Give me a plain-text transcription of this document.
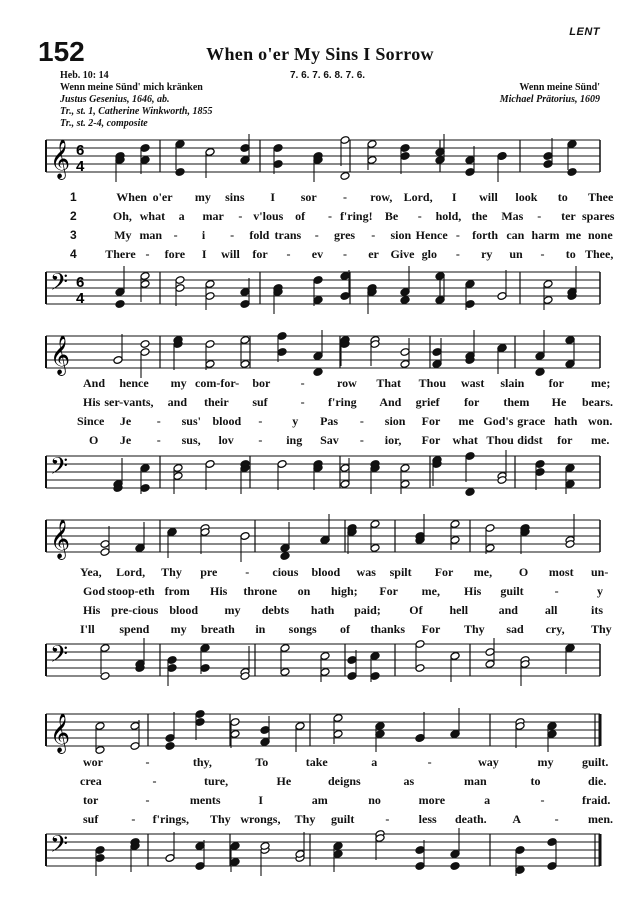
152	When o'er My Sins I Sorrow
LENT
Heb. 10: 14
Wenn meine Sünd' mich kränken
Justus Gesenius, 1646, ab.
Tr., st. 1, Catherine Winkworth, 1855
Tr., st. 2-4, composite
7. 6. 7. 6. 8. 7. 6.
Wenn meine Sünd'
Michael Prätorius, 1609
𝄞 6
4
𝄢 6
4
𝄞
𝄢
𝄞
𝄢
𝄞
𝄢
1	When o'er my sins I sor - row, Lord, I will look to Thee
2	Oh, what a mar - v'lous of - f'ring! Be - hold, the Mas - ter spares
3	My man - i - fold trans - gres - sion Hence - forth can harm me none
4 There - fore I will for - ev - er Give glo - ry un - to Thee,
And hence my com-for- bor	-	row That Thou wast slain for me;
His ser-vants, and their suf	- f'ring And grief for them He bears.
Since Je - sus' blood - y Pas - sion For me God's grace hath won.
O Je - sus, lov - ing Sav - ior, For what Thou didst for me.
Yea, Lord, Thy pre - cious blood was spilt For me, O most un-
God stoop-eth from His throne on high; For me, His guilt	-	y
His pre-cious blood my debts hath paid; Of hell	and all	its
I'll spend my breath in songs of thanks For Thy sad cry, Thy
wor	-	thy,	To	take	a	-	way	my guilt.
crea	-	ture,	He	deigns	as	man	to	die.
tor	-	ments	I	am	no	more	a	-	fraid.
suf	- f'rings, Thy wrongs, Thy guilt	- less death. A	- men.
